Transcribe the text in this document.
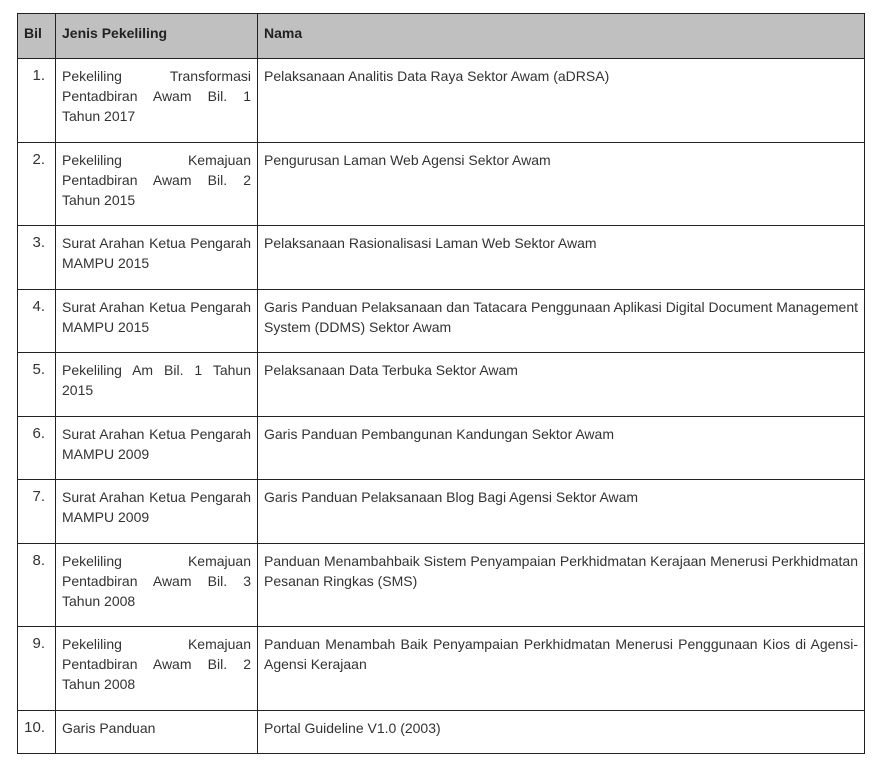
Bil	Jenis Pekeliling	Nama
1.	Pekeliling Transformasi Pentadbiran Awam Bil. 1 Tahun 2017	Pelaksanaan Analitis Data Raya Sektor Awam (aDRSA)
2.	Pekeliling Kemajuan Pentadbiran Awam Bil. 2 Tahun 2015	Pengurusan Laman Web Agensi Sektor Awam
3.	Surat Arahan Ketua Pengarah MAMPU 2015	Pelaksanaan Rasionalisasi Laman Web Sektor Awam
4.	Surat Arahan Ketua Pengarah MAMPU 2015	Garis Panduan Pelaksanaan dan Tatacara Penggunaan Aplikasi Digital Document Management System (DDMS) Sektor Awam
5.	Pekeliling Am Bil. 1 Tahun 2015	Pelaksanaan Data Terbuka Sektor Awam
6.	Surat Arahan Ketua Pengarah MAMPU 2009	Garis Panduan Pembangunan Kandungan Sektor Awam
7.	Surat Arahan Ketua Pengarah MAMPU 2009	Garis Panduan Pelaksanaan Blog Bagi Agensi Sektor Awam
8.	Pekeliling Kemajuan Pentadbiran Awam Bil. 3 Tahun 2008	Panduan Menambahbaik Sistem Penyampaian Perkhidmatan Kerajaan Menerusi Perkhidmatan Pesanan Ringkas (SMS)
9.	Pekeliling Kemajuan Pentadbiran Awam Bil. 2 Tahun 2008	Panduan Menambah Baik Penyampaian Perkhidmatan Menerusi Penggunaan Kios di Agensi-Agensi Kerajaan
10.	Garis Panduan	Portal Guideline V1.0 (2003)
